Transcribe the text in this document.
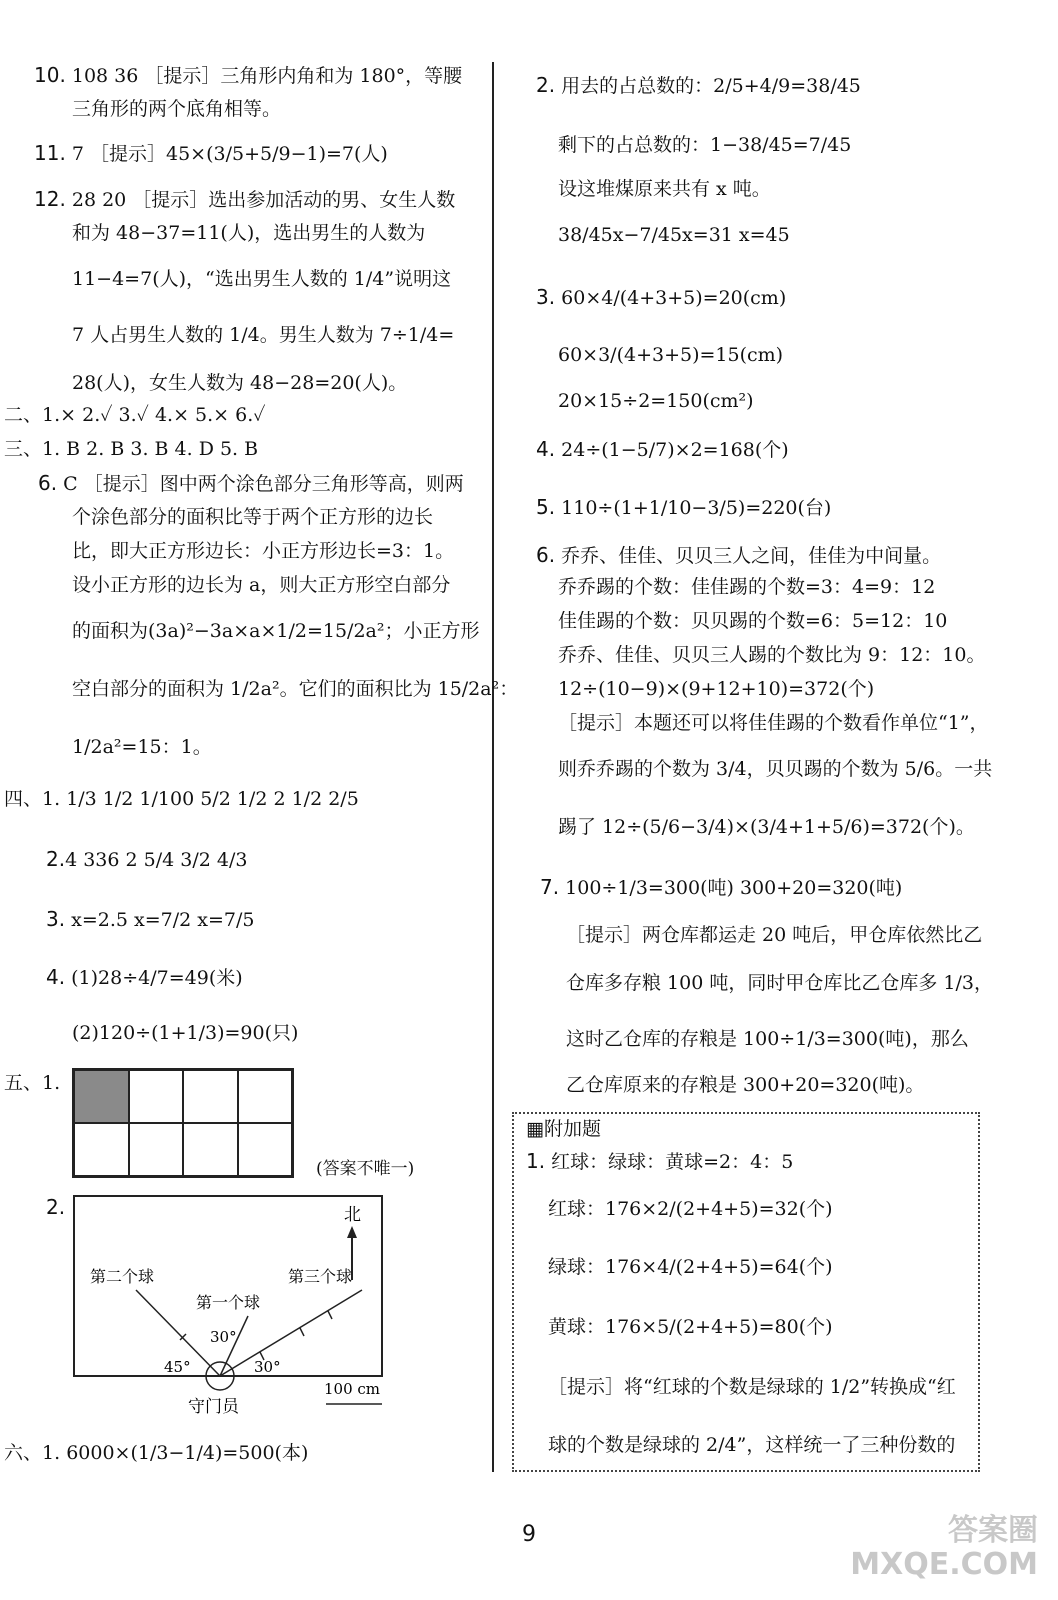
10. 108 36 ［提示］三角形内角和为 180°，等腰
三角形的两个底角相等。
11. 7 ［提示］45×(3/5+5/9−1)=7(人)
12. 28 20 ［提示］选出参加活动的男、女生人数
和为 48−37=11(人)，选出男生的人数为
11−4=7(人)，“选出男生人数的 1/4”说明这
7 人占男生人数的 1/4。男生人数为 7÷1/4=
28(人)，女生人数为 48−28=20(人)。
二、1.× 2.✓ 3.✓ 4.× 5.× 6.✓
三、1. B 2. B 3. B 4. D 5. B
6. C ［提示］图中两个涂色部分三角形等高，则两
个涂色部分的面积比等于两个正方形的边长
比，即大正方形边长：小正方形边长=3：1。
设小正方形的边长为 a，则大正方形空白部分
的面积为(3a)²−3a×a×1/2=15/2a²；小正方形
空白部分的面积为 1/2a²。它们的面积比为 15/2a²：
1/2a²=15：1。
四、1. 1/3 1/2 1/100 5/2 1/2 2 1/2 2/5
2.4 336 2 5/4 3/2 4/3
3. x=2.5 x=7/2 x=7/5
4. (1)28÷4/7=49(米)
(2)120÷(1+1/3)=90(只)
五、1.
(答案不唯一)
2.	北
第二个球
第一个球
第三个球
45°
30°
30°
守门员
100 cm
六、1. 6000×(1/3−1/4)=500(本)
2. 用去的占总数的：2/5+4/9=38/45
剩下的占总数的：1−38/45=7/45
设这堆煤原来共有 x 吨。
38/45x−7/45x=31 x=45
3. 60×4/(4+3+5)=20(cm)
60×3/(4+3+5)=15(cm)
20×15÷2=150(cm²)
4. 24÷(1−5/7)×2=168(个)
5. 110÷(1+1/10−3/5)=220(台)
6. 乔乔、佳佳、贝贝三人之间，佳佳为中间量。
乔乔踢的个数：佳佳踢的个数=3：4=9：12
佳佳踢的个数：贝贝踢的个数=6：5=12：10
乔乔、佳佳、贝贝三人踢的个数比为 9：12：10。
12÷(10−9)×(9+12+10)=372(个)
［提示］本题还可以将佳佳踢的个数看作单位“1”，
则乔乔踢的个数为 3/4，贝贝踢的个数为 5/6。一共
踢了 12÷(5/6−3/4)×(3/4+1+5/6)=372(个)。
7. 100÷1/3=300(吨) 300+20=320(吨)
［提示］两仓库都运走 20 吨后，甲仓库依然比乙
仓库多存粮 100 吨，同时甲仓库比乙仓库多 1/3，
这时乙仓库的存粮是 100÷1/3=300(吨)，那么
乙仓库原来的存粮是 300+20=320(吨)。
▦附加题
1. 红球：绿球：黄球=2：4：5
红球：176×2/(2+4+5)=32(个)
绿球：176×4/(2+4+5)=64(个)
黄球：176×5/(2+4+5)=80(个)
［提示］将“红球的个数是绿球的 1/2”转换成“红
球的个数是绿球的 2/4”，这样统一了三种份数的
9	答案圈
MXQE.COM
